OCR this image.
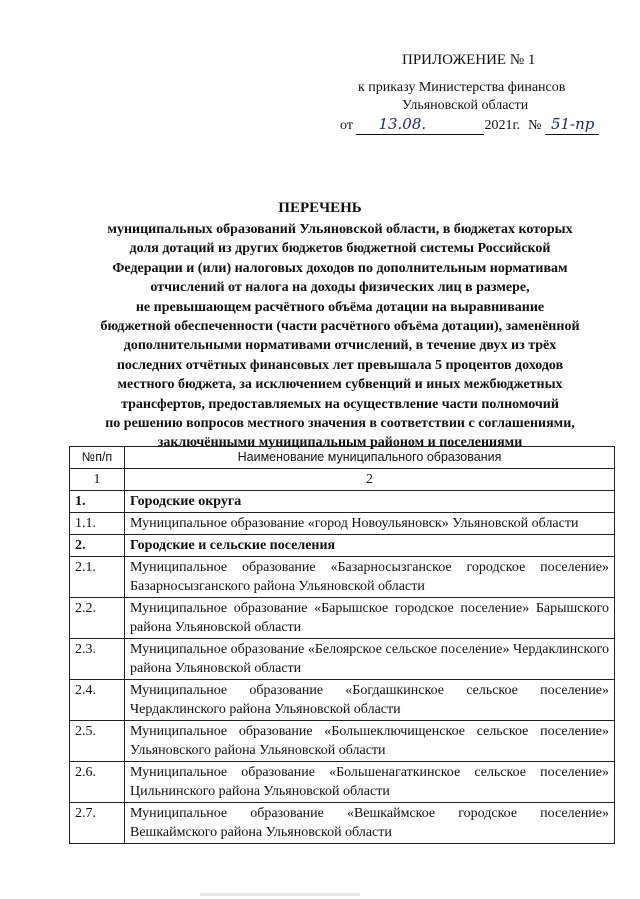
ПРИЛОЖЕНИЕ № 1
к приказу Министерства финансов
Ульяновской области
от 13.08.	2021г. № 51-пр
ПЕРЕЧЕНЬ
муниципальных образований Ульяновской области, в бюджетах которых
доля дотаций из других бюджетов бюджетной системы Российской
Федерации и (или) налоговых доходов по дополнительным нормативам
отчислений от налога на доходы физических лиц в размере,
не превышающем расчётного объёма дотации на выравнивание
бюджетной обеспеченности (части расчётного объёма дотации), заменённой
дополнительными нормативами отчислений, в течение двух из трёх
последних отчётных финансовых лет превышала 5 процентов доходов
местного бюджета, за исключением субвенций и иных межбюджетных
трансфертов, предоставляемых на осуществление части полномочий
по решению вопросов местного значения в соответствии с соглашениями,
заключёнными муниципальным районом и поселениями
№п/п	Наименование муниципального образования
1	2
1.	Городские округа
1.1.	Муниципальное образование «город Новоульяновск» Ульяновской области
2.	Городские и сельские поселения
2.1.	Муниципальное образование «Базарносызганское городское поселение» Базарносызганского района Ульяновской области
2.2.	Муниципальное образование «Барышское городское поселение» Барышского района Ульяновской области
2.3.	Муниципальное образование «Белоярское сельское поселение» Чердаклинского района Ульяновской области
2.4.	Муниципальное образование «Богдашкинское сельское поселение» Чердаклинского района Ульяновской области
2.5.	Муниципальное образование «Большеключищенское сельское поселение» Ульяновского района Ульяновской области
2.6.	Муниципальное образование «Большенагаткинское сельское поселение» Цильнинского района Ульяновской области
2.7.	Муниципальное образование «Вешкаймское городское поселение» Вешкаймского района Ульяновской области
